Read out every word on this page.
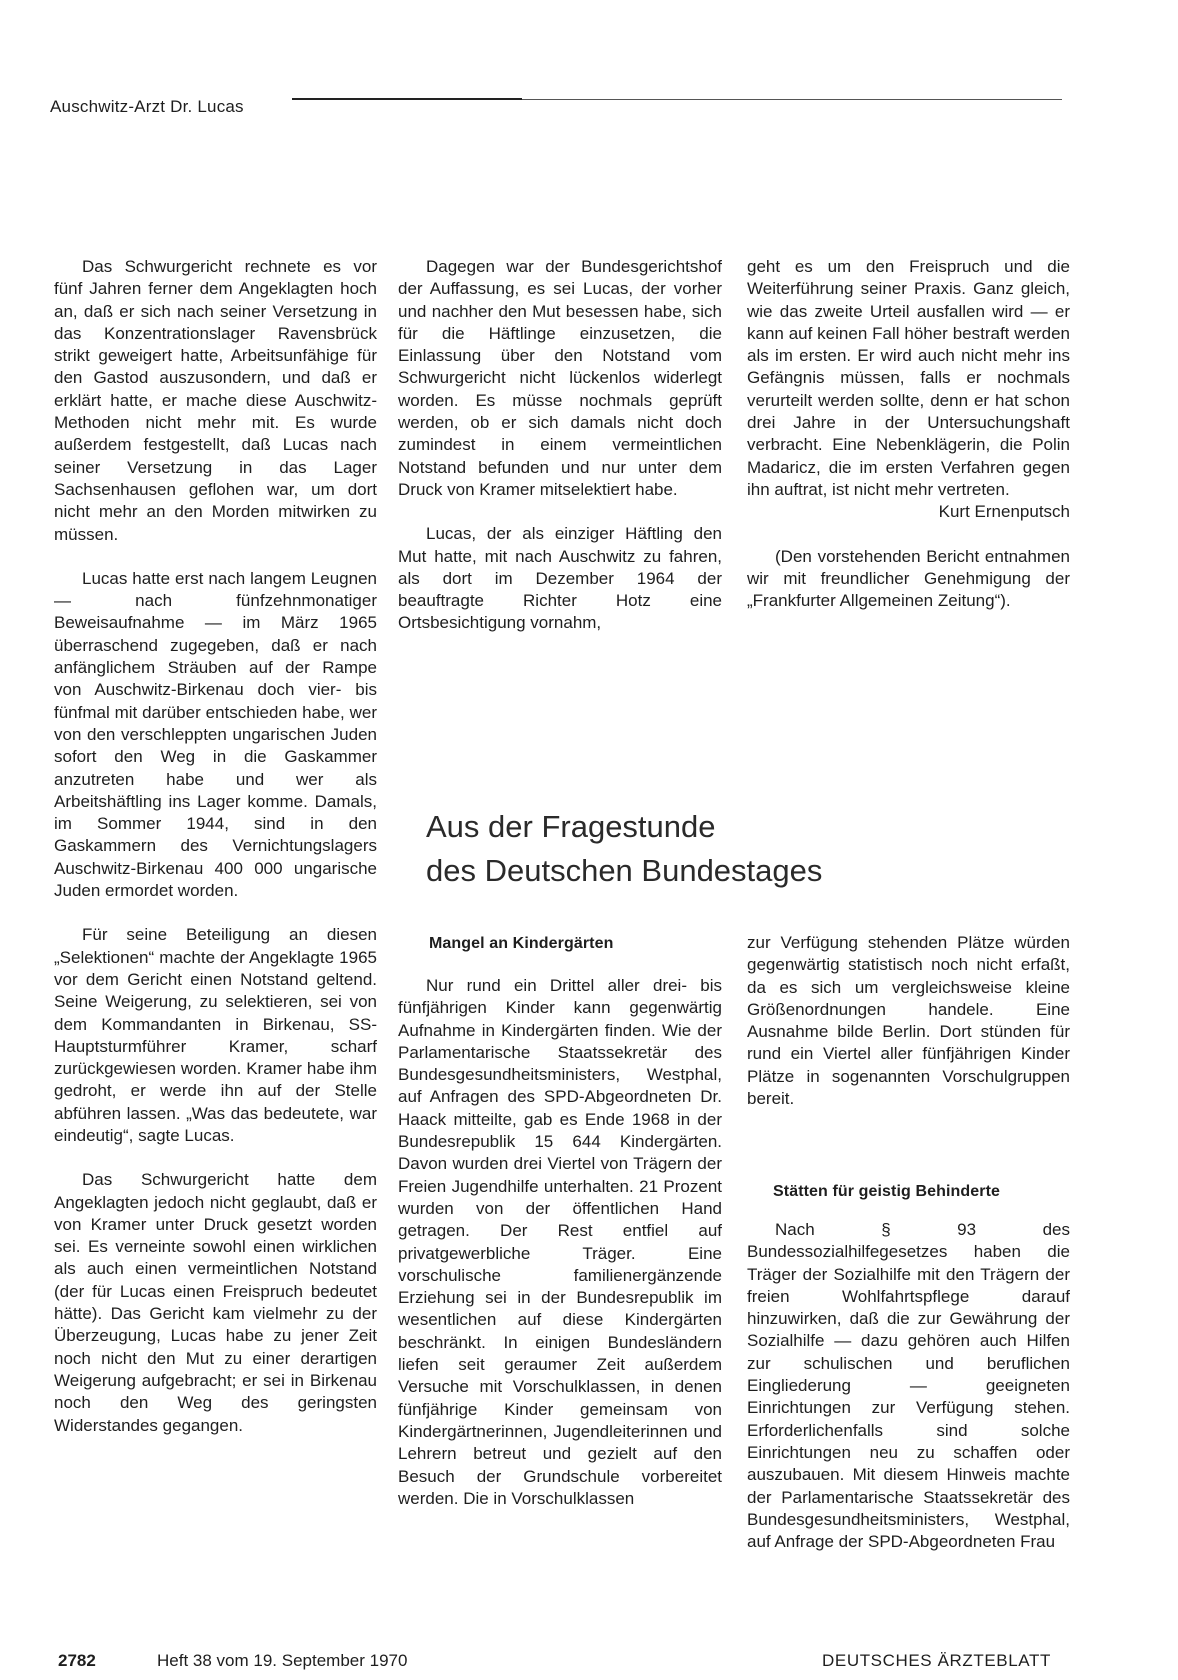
Auschwitz-Arzt Dr. Lucas

Das Schwurgericht rechnete es vor fünf Jahren ferner dem Angeklagten hoch an, daß er sich nach seiner Versetzung in das Konzentrationslager Ravensbrück strikt geweigert hatte, Arbeitsunfähige für den Gastod auszusondern, und daß er erklärt hatte, er mache diese Auschwitz-Methoden nicht mehr mit. Es wurde außerdem festgestellt, daß Lucas nach seiner Versetzung in das Lager Sachsenhausen geflohen war, um dort nicht mehr an den Morden mitwirken zu müssen.

Lucas hatte erst nach langem Leugnen — nach fünfzehnmonatiger Beweisaufnahme — im März 1965 überraschend zugegeben, daß er nach anfänglichem Sträuben auf der Rampe von Auschwitz-Birkenau doch vier- bis fünfmal mit darüber entschieden habe, wer von den verschleppten ungarischen Juden sofort den Weg in die Gaskammer anzutreten habe und wer als Arbeitshäftling ins Lager komme. Damals, im Sommer 1944, sind in den Gaskammern des Vernichtungslagers Auschwitz-Birkenau 400 000 ungarische Juden ermordet worden.

Für seine Beteiligung an diesen „Selektionen“ machte der Angeklagte 1965 vor dem Gericht einen Notstand geltend. Seine Weigerung, zu selektieren, sei von dem Kommandanten in Birkenau, SS-Hauptsturmführer Kramer, scharf zurückgewiesen worden. Kramer habe ihm gedroht, er werde ihn auf der Stelle abführen lassen. „Was das bedeutete, war eindeutig“, sagte Lucas.

Das Schwurgericht hatte dem Angeklagten jedoch nicht geglaubt, daß er von Kramer unter Druck gesetzt worden sei. Es verneinte sowohl einen wirklichen als auch einen vermeintlichen Notstand (der für Lucas einen Freispruch bedeutet hätte). Das Gericht kam vielmehr zu der Überzeugung, Lucas habe zu jener Zeit noch nicht den Mut zu einer derartigen Weigerung aufgebracht; er sei in Birkenau noch den Weg des geringsten Widerstandes gegangen.

Dagegen war der Bundesgerichtshof der Auffassung, es sei Lucas, der vorher und nachher den Mut besessen habe, sich für die Häftlinge einzusetzen, die Einlassung über den Notstand vom Schwurgericht nicht lückenlos widerlegt worden. Es müsse nochmals geprüft werden, ob er sich damals nicht doch zumindest in einem vermeintlichen Notstand befunden und nur unter dem Druck von Kramer mitselektiert habe.

Lucas, der als einziger Häftling den Mut hatte, mit nach Auschwitz zu fahren, als dort im Dezember 1964 der beauftragte Richter Hotz eine Ortsbesichtigung vornahm,

geht es um den Freispruch und die Weiterführung seiner Praxis. Ganz gleich, wie das zweite Urteil ausfallen wird — er kann auf keinen Fall höher bestraft werden als im ersten. Er wird auch nicht mehr ins Gefängnis müssen, falls er nochmals verurteilt werden sollte, denn er hat schon drei Jahre in der Untersuchungshaft verbracht. Eine Nebenklägerin, die Polin Madaricz, die im ersten Verfahren gegen ihn auftrat, ist nicht mehr vertreten.

Kurt Ernenputsch

(Den vorstehenden Bericht entnahmen wir mit freundlicher Genehmigung der „Frankfurter Allgemeinen Zeitung“).

Aus der Fragestunde
des Deutschen Bundestages
Mangel an Kindergärten

Nur rund ein Drittel aller drei- bis fünfjährigen Kinder kann gegenwärtig Aufnahme in Kindergärten finden. Wie der Parlamentarische Staatssekretär des Bundesgesundheitsministers, Westphal, auf Anfragen des SPD-Abgeordneten Dr. Haack mitteilte, gab es Ende 1968 in der Bundesrepublik 15 644 Kindergärten. Davon wurden drei Viertel von Trägern der Freien Jugendhilfe unterhalten. 21 Prozent wurden von der öffentlichen Hand getragen. Der Rest entfiel auf privatgewerbliche Träger. Eine vorschulische familienergänzende Erziehung sei in der Bundesrepublik im wesentlichen auf diese Kindergärten beschränkt. In einigen Bundesländern liefen seit geraumer Zeit außerdem Versuche mit Vorschulklassen, in denen fünfjährige Kinder gemeinsam von Kindergärtnerinnen, Jugendleiterinnen und Lehrern betreut und gezielt auf den Besuch der Grundschule vorbereitet werden. Die in Vorschulklassen

zur Verfügung stehenden Plätze würden gegenwärtig statistisch noch nicht erfaßt, da es sich um vergleichsweise kleine Größenordnungen handele. Eine Ausnahme bilde Berlin. Dort stünden für rund ein Viertel aller fünfjährigen Kinder Plätze in sogenannten Vorschulgruppen bereit.

Stätten für geistig Behinderte

Nach § 93 des Bundessozialhilfegesetzes haben die Träger der Sozialhilfe mit den Trägern der freien Wohlfahrtspflege darauf hinzuwirken, daß die zur Gewährung der Sozialhilfe — dazu gehören auch Hilfen zur schulischen und beruflichen Eingliederung — geeigneten Einrichtungen zur Verfügung stehen. Erforderlichenfalls sind solche Einrichtungen neu zu schaffen oder auszubauen. Mit diesem Hinweis machte der Parlamentarische Staatssekretär des Bundesgesundheitsministers, Westphal, auf Anfrage der SPD-Abgeordneten Frau

2782	Heft 38 vom 19. September 1970	DEUTSCHES ÄRZTEBLATT
